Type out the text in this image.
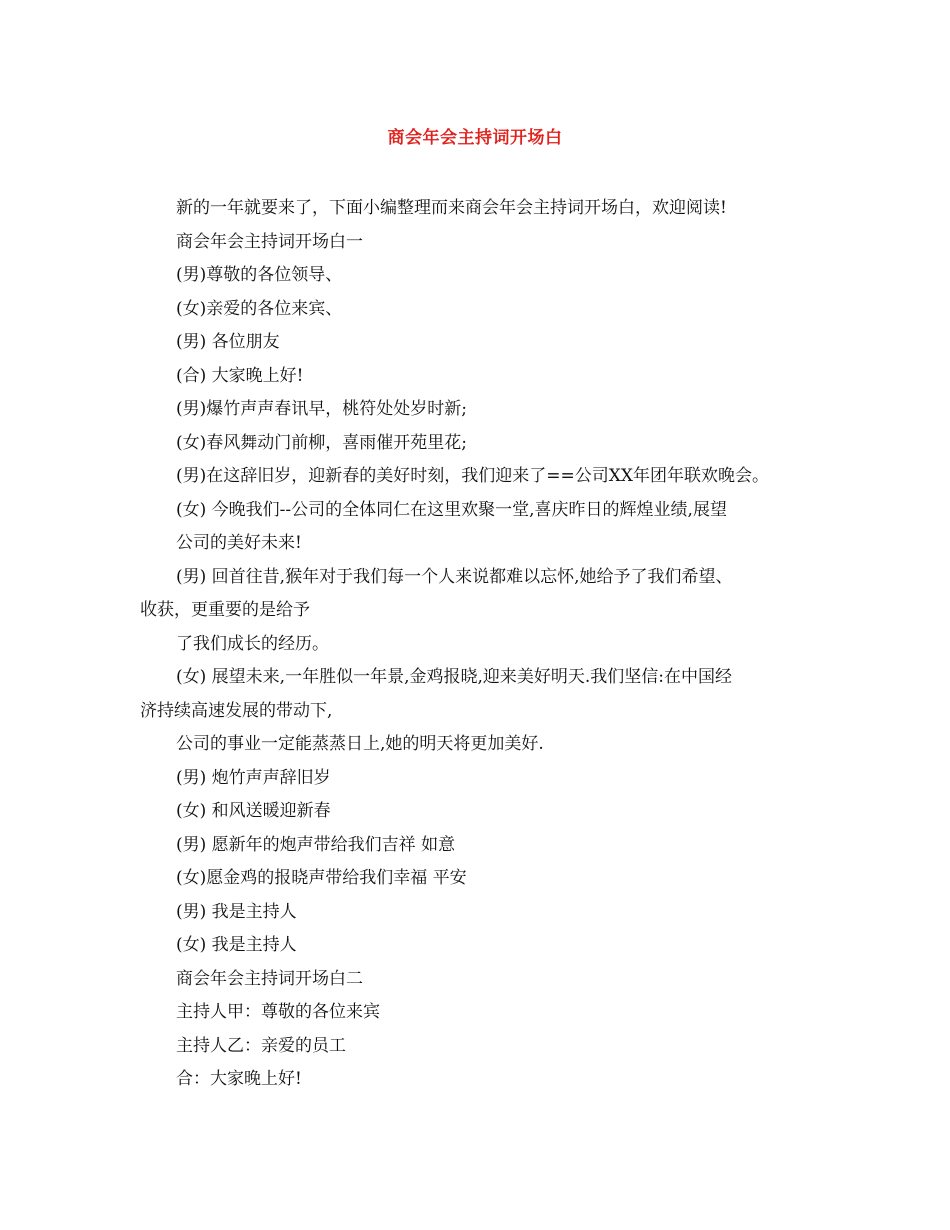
商会年会主持词开场白
新的一年就要来了，下面小编整理而来商会年会主持词开场白，欢迎阅读!
商会年会主持词开场白一
(男)尊敬的各位领导、
(女)亲爱的各位来宾、
(男) 各位朋友
(合) 大家晚上好!
(男)爆竹声声春讯早，桃符处处岁时新;
(女)春风舞动门前柳，喜雨催开苑里花;
(男)在这辞旧岁，迎新春的美好时刻，我们迎来了==公司XX年团年联欢晚会。
(女) 今晚我们--公司的全体同仁在这里欢聚一堂,喜庆昨日的辉煌业绩,展望
公司的美好未来!
(男) 回首往昔,猴年对于我们每一个人来说都难以忘怀,她给予了我们希望、
收获，更重要的是给予
了我们成长的经历。
(女) 展望未来,一年胜似一年景,金鸡报晓,迎来美好明天.我们坚信:在中国经
济持续高速发展的带动下,
公司的事业一定能蒸蒸日上,她的明天将更加美好.
(男) 炮竹声声辞旧岁
(女) 和风送暖迎新春
(男) 愿新年的炮声带给我们吉祥 如意
(女)愿金鸡的报晓声带给我们幸福 平安
(男) 我是主持人
(女) 我是主持人
商会年会主持词开场白二
主持人甲：尊敬的各位来宾
主持人乙：亲爱的员工
合：大家晚上好!
